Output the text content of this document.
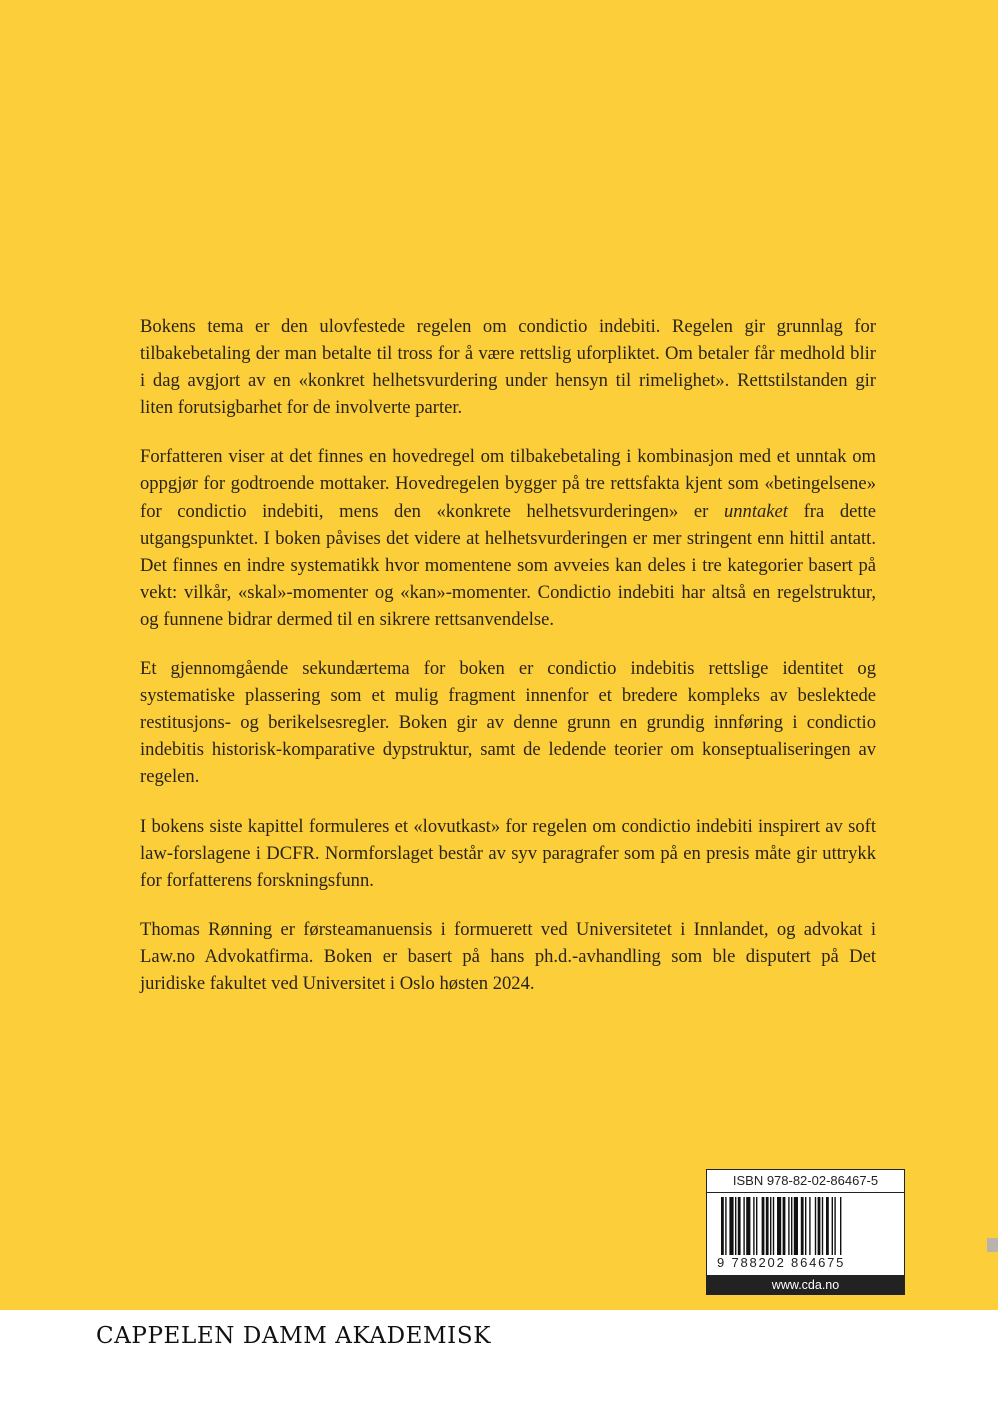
Bokens tema er den ulovfestede regelen om condictio indebiti. Regelen gir grunnlag for tilbakebetaling der man betalte til tross for å være rettslig uforpliktet. Om betaler får medhold blir i dag avgjort av en «konkret helhetsvurdering under hensyn til rimelighet». Rettstilstanden gir liten forutsigbarhet for de involverte parter.

Forfatteren viser at det finnes en hovedregel om tilbakebetaling i kombinasjon med et unntak om oppgjør for godtroende mottaker. Hovedregelen bygger på tre rettsfakta kjent som «betingelsene» for condictio indebiti, mens den «konkrete helhetsvurderingen» er unntaket fra dette utgangspunktet. I boken påvises det videre at helhetsvurderingen er mer stringent enn hittil antatt. Det finnes en indre systematikk hvor momentene som avveies kan deles i tre kategorier basert på vekt: vilkår, «skal»-momenter og «kan»-momenter. Condictio indebiti har altså en regelstruktur, og funnene bidrar dermed til en sikrere rettsanvendelse.

Et gjennomgående sekundærtema for boken er condictio indebitis rettslige identitet og systematiske plassering som et mulig fragment innenfor et bredere kompleks av beslektede restitusjons- og berikelsesregler. Boken gir av denne grunn en grundig innføring i condictio indebitis historisk-komparative dypstruktur, samt de ledende teorier om konseptualiseringen av regelen.

I bokens siste kapittel formuleres et «lovutkast» for regelen om condictio indebiti inspirert av soft law-forslagene i DCFR. Normforslaget består av syv paragrafer som på en presis måte gir uttrykk for forfatterens forskningsfunn.

Thomas Rønning er førsteamanuensis i formuerett ved Universitetet i Innlandet, og advokat i Law.no Advokatfirma. Boken er basert på hans ph.d.-avhandling som ble disputert på Det juridiske fakultet ved Universitet i Oslo høsten 2024.

ISBN 978-82-02-86467-5
9 788202 864675
www.cda.no
CAPPELEN DAMM AKADEMISK
